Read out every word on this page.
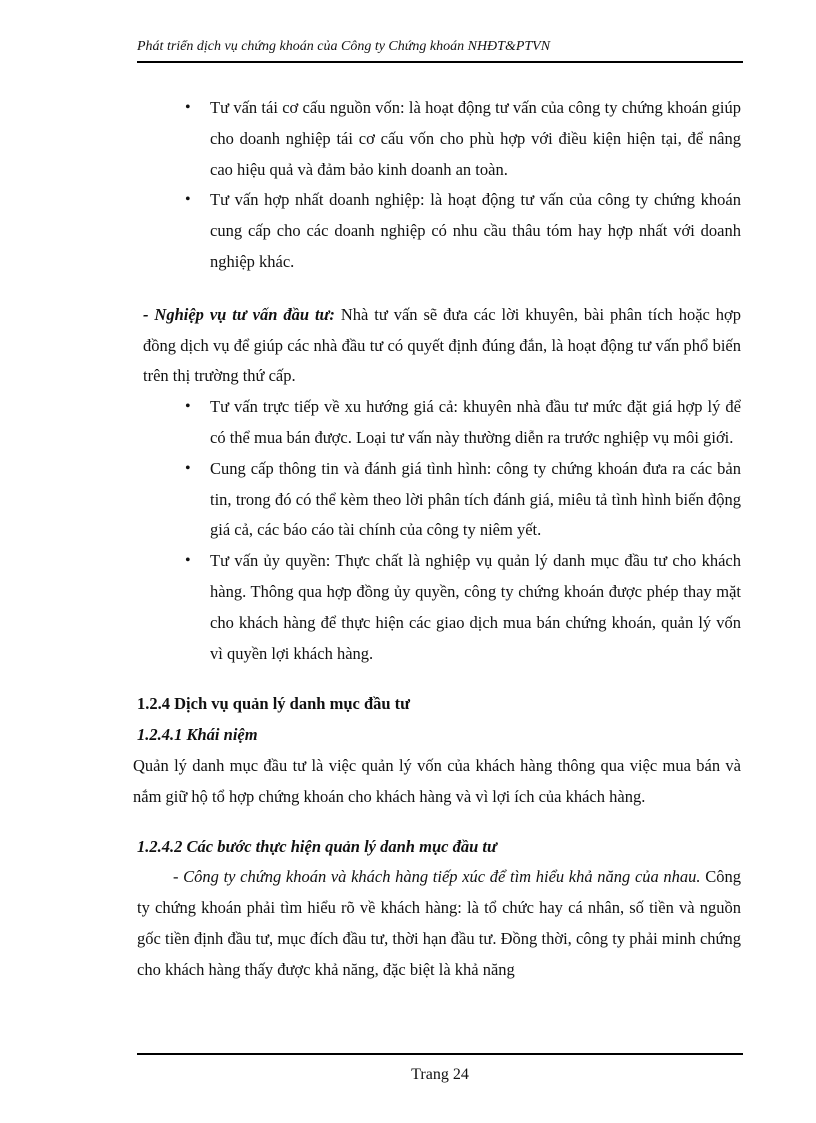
Phát triển dịch vụ chứng khoán của Công ty Chứng khoán NHĐT&PTVN
• Tư vấn tái cơ cấu nguồn vốn: là hoạt động tư vấn của công ty chứng khoán giúp cho doanh nghiệp tái cơ cấu vốn cho phù hợp với điều kiện hiện tại, để nâng cao hiệu quả và đảm bảo kinh doanh an toàn.
• Tư vấn hợp nhất doanh nghiệp: là hoạt động tư vấn của công ty chứng khoán cung cấp cho các doanh nghiệp có nhu cầu thâu tóm hay hợp nhất với doanh nghiệp khác.

- Nghiệp vụ tư vấn đầu tư: Nhà tư vấn sẽ đưa các lời khuyên, bài phân tích hoặc hợp đồng dịch vụ để giúp các nhà đầu tư có quyết định đúng đắn, là hoạt động tư vấn phổ biến trên thị trường thứ cấp.

• Tư vấn trực tiếp về xu hướng giá cả: khuyên nhà đầu tư mức đặt giá hợp lý để có thể mua bán được. Loại tư vấn này thường diễn ra trước nghiệp vụ môi giới.
• Cung cấp thông tin và đánh giá tình hình: công ty chứng khoán đưa ra các bản tin, trong đó có thể kèm theo lời phân tích đánh giá, miêu tả tình hình biến động giá cả, các báo cáo tài chính của công ty niêm yết.
• Tư vấn ủy quyền: Thực chất là nghiệp vụ quản lý danh mục đầu tư cho khách hàng. Thông qua hợp đồng ủy quyền, công ty chứng khoán được phép thay mặt cho khách hàng để thực hiện các giao dịch mua bán chứng khoán, quản lý vốn vì quyền lợi khách hàng.
1.2.4 Dịch vụ quản lý danh mục đầu tư
1.2.4.1 Khái niệm

Quản lý danh mục đầu tư là việc quản lý vốn của khách hàng thông qua việc mua bán và nắm giữ hộ tổ hợp chứng khoán cho khách hàng và vì lợi ích của khách hàng.

1.2.4.2 Các bước thực hiện quản lý danh mục đầu tư

- Công ty chứng khoán và khách hàng tiếp xúc để tìm hiểu khả năng của nhau. Công ty chứng khoán phải tìm hiểu rõ về khách hàng: là tổ chức hay cá nhân, số tiền và nguồn gốc tiền định đầu tư, mục đích đầu tư, thời hạn đầu tư. Đồng thời, công ty phải minh chứng cho khách hàng thấy được khả năng, đặc biệt là khả năng

Trang 24
